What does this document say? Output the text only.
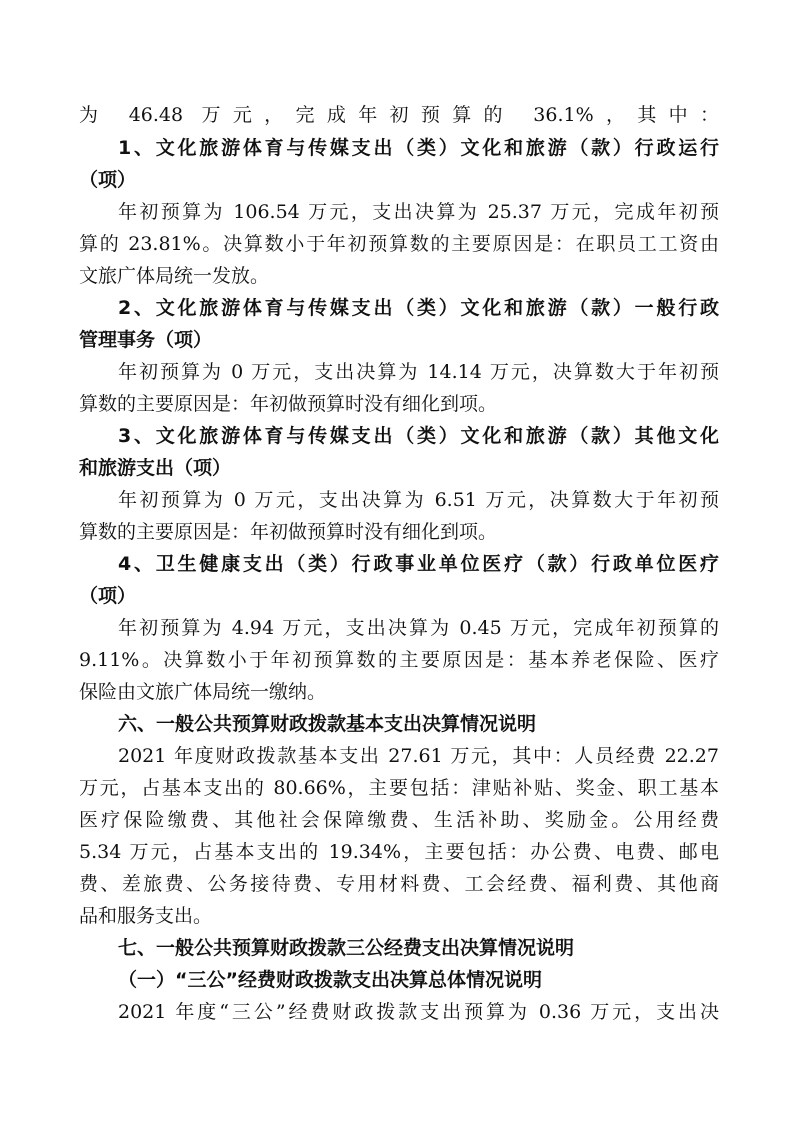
为 46.48 万元，完成年初预算的 36.1%，其中：
1、文化旅游体育与传媒支出（类）文化和旅游（款）行政运行
（项）
年初预算为 106.54 万元，支出决算为 25.37 万元，完成年初预
算的 23.81%。决算数小于年初预算数的主要原因是：在职员工工资由
文旅广体局统一发放。
2、文化旅游体育与传媒支出（类）文化和旅游（款）一般行政
管理事务（项）
年初预算为 0 万元，支出决算为 14.14 万元，决算数大于年初预
算数的主要原因是：年初做预算时没有细化到项。
3、文化旅游体育与传媒支出（类）文化和旅游（款）其他文化
和旅游支出（项）
年初预算为 0 万元，支出决算为 6.51 万元，决算数大于年初预
算数的主要原因是：年初做预算时没有细化到项。
4、卫生健康支出（类）行政事业单位医疗（款）行政单位医疗
（项）
年初预算为 4.94 万元，支出决算为 0.45 万元，完成年初预算的
9.11%。决算数小于年初预算数的主要原因是：基本养老保险、医疗
保险由文旅广体局统一缴纳。
六、一般公共预算财政拨款基本支出决算情况说明
2021 年度财政拨款基本支出 27.61 万元，其中：人员经费 22.27
万元，占基本支出的 80.66%，主要包括：津贴补贴、奖金、职工基本
医疗保险缴费、其他社会保障缴费、生活补助、奖励金。公用经费
5.34 万元，占基本支出的 19.34%，主要包括：办公费、电费、邮电
费、差旅费、公务接待费、专用材料费、工会经费、福利费、其他商
品和服务支出。
七、一般公共预算财政拨款三公经费支出决算情况说明
（一）“三公”经费财政拨款支出决算总体情况说明
2021 年度“三公”经费财政拨款支出预算为 0.36 万元，支出决
